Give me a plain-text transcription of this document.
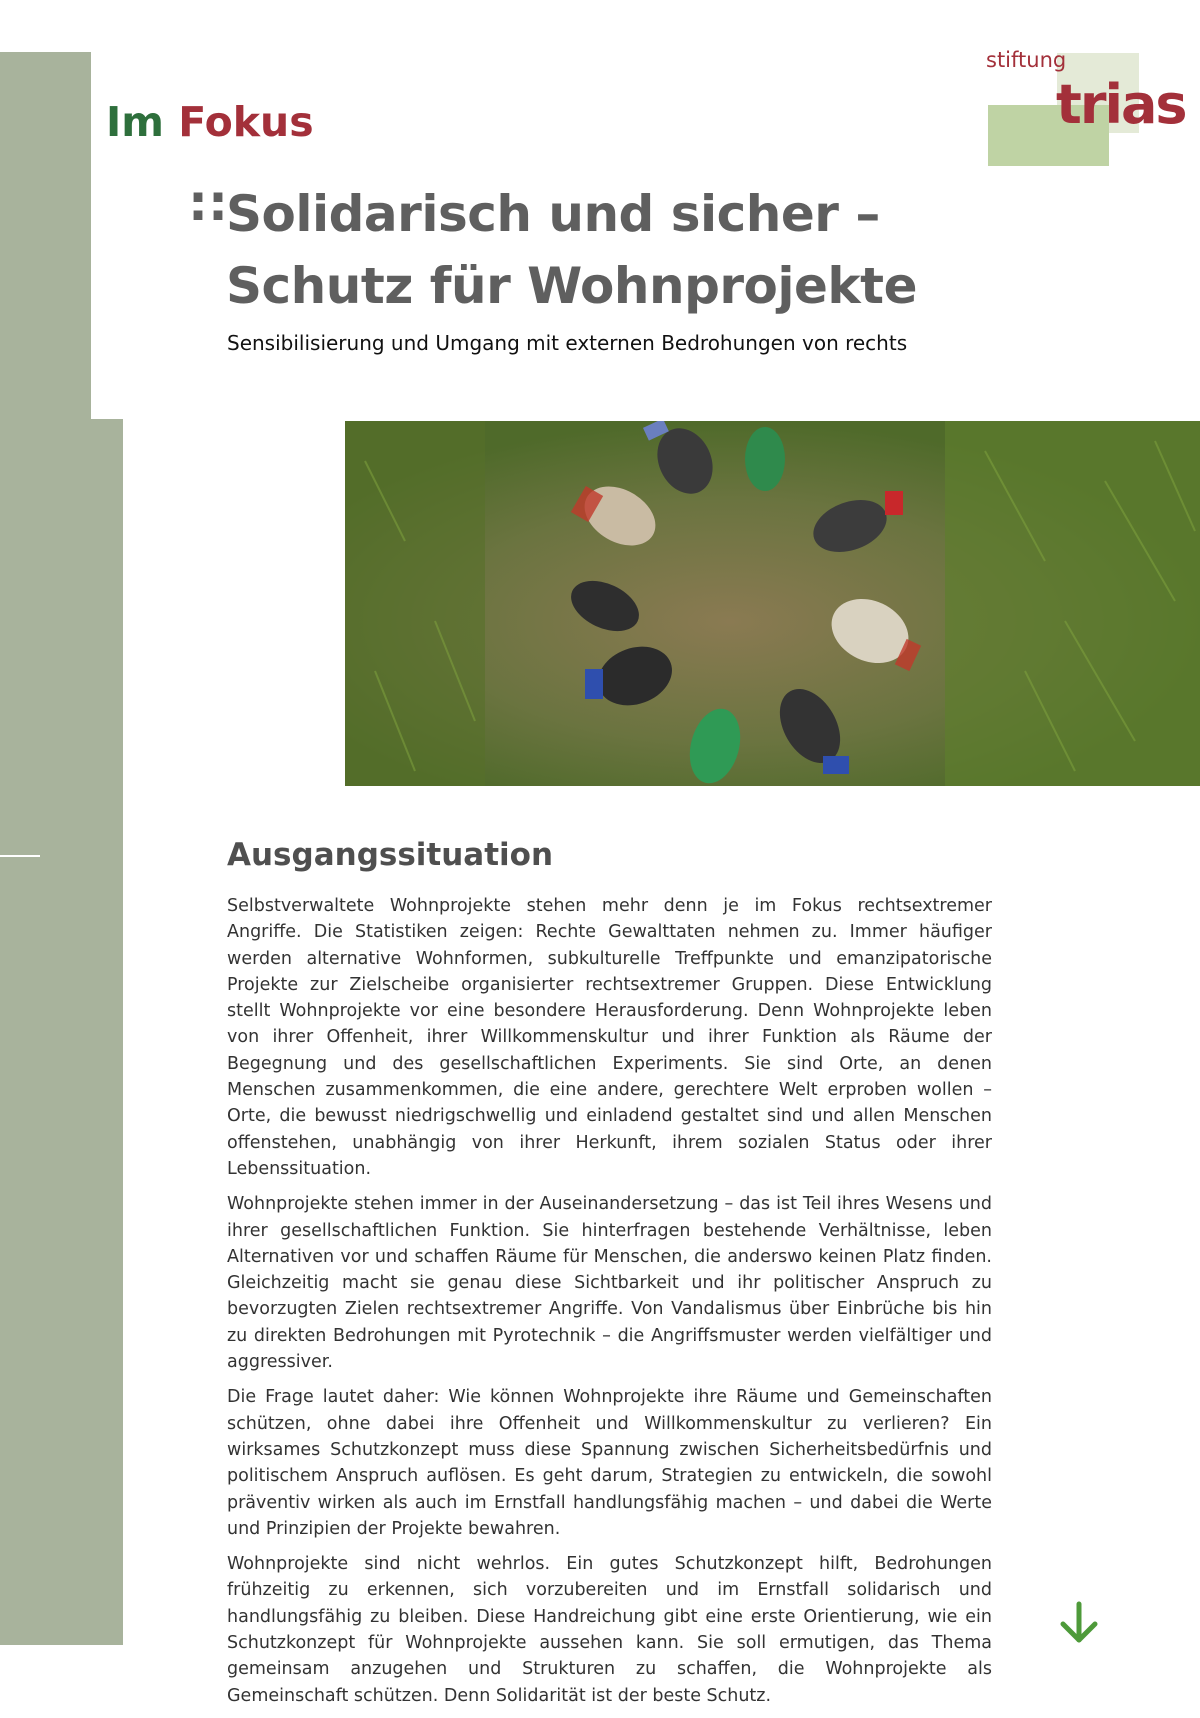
stiftung
trias
Im Fokus
::
Solidarisch und sicher –
Schutz für Wohnprojekte

Sensibilisierung und Umgang mit externen Bedrohungen von rechts

Ausgangssituation

Selbstverwaltete Wohnprojekte stehen mehr denn je im Fokus rechtsextremer Angriffe. Die Statistiken zeigen: Rechte Gewalttaten nehmen zu. Immer häufiger werden alternative Wohnformen, subkulturelle Treffpunkte und emanzipatorische Projekte zur Zielscheibe organisierter rechtsextremer Gruppen. Diese Entwicklung stellt Wohnprojekte vor eine besondere Herausforderung. Denn Wohnprojekte leben von ihrer Offenheit, ihrer Willkommenskultur und ihrer Funktion als Räume der Begegnung und des gesellschaftlichen Experiments. Sie sind Orte, an denen Menschen zusammenkommen, die eine andere, gerechtere Welt erproben wollen – Orte, die bewusst niedrigschwellig und einladend gestaltet sind und allen Menschen offenstehen, unabhängig von ihrer Herkunft, ihrem sozialen Status oder ihrer Lebenssituation.

Wohnprojekte stehen immer in der Auseinandersetzung – das ist Teil ihres Wesens und ihrer gesellschaftlichen Funktion. Sie hinterfragen bestehende Verhältnisse, leben Alternativen vor und schaffen Räume für Menschen, die anderswo keinen Platz finden. Gleichzeitig macht sie genau diese Sichtbarkeit und ihr politischer Anspruch zu bevorzugten Zielen rechtsextremer Angriffe. Von Vandalismus über Einbrüche bis hin zu direkten Bedrohungen mit Pyrotechnik – die Angriffsmuster werden vielfältiger und aggressiver.

Die Frage lautet daher: Wie können Wohnprojekte ihre Räume und Gemeinschaften schützen, ohne dabei ihre Offenheit und Willkommenskultur zu verlieren? Ein wirksames Schutzkonzept muss diese Spannung zwischen Sicherheitsbedürfnis und politischem Anspruch auflösen. Es geht darum, Strategien zu entwickeln, die sowohl präventiv wirken als auch im Ernstfall handlungsfähig machen – und dabei die Werte und Prinzipien der Projekte bewahren.

Wohnprojekte sind nicht wehrlos. Ein gutes Schutzkonzept hilft, Bedrohungen frühzeitig zu erkennen, sich vorzubereiten und im Ernstfall solidarisch und handlungsfähig zu bleiben. Diese Handreichung gibt eine erste Orientierung, wie ein Schutzkonzept für Wohnprojekte aussehen kann. Sie soll ermutigen, das Thema gemeinsam anzugehen und Strukturen zu schaffen, die Wohnprojekte als Gemeinschaft schützen. Denn Solidarität ist der beste Schutz.
